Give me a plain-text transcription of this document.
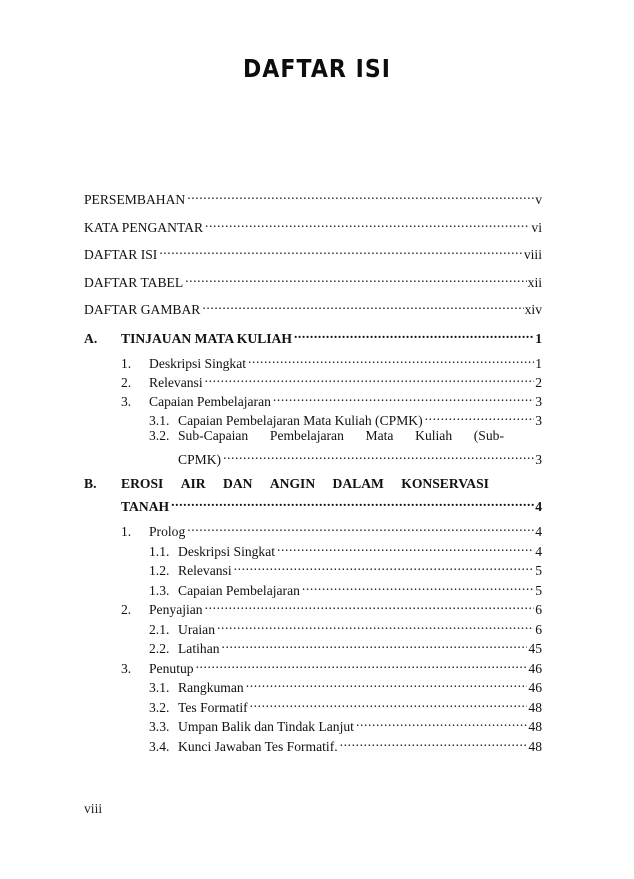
DAFTAR ISI
PERSEMBAHAN .....	v
KATA PENGANTAR .....	vi
DAFTAR ISI .....	viii
DAFTAR TABEL .....	xii
DAFTAR GAMBAR .....	xiv
A.	TINJAUAN MATA KULIAH .....	1
1.	Deskripsi Singkat .....	1
2.	Relevansi .....	2
3.	Capaian Pembelajaran .....	3
3.1. Capaian Pembelajaran Mata Kuliah (CPMK) .....	3
3.2. Sub-Capaian Pembelajaran Mata Kuliah (Sub-
CPMK) .....	3
B.	EROSI AIR DAN ANGIN DALAM KONSERVASI
TANAH .....	4
1.	Prolog .....	4
1.1. Deskripsi Singkat .....	4
1.2. Relevansi .....	5
1.3. Capaian Pembelajaran .....	5
2.	Penyajian .....	6
2.1. Uraian .....	6
2.2. Latihan .....	45
3.	Penutup .....	46
3.1. Rangkuman .....	46
3.2. Tes Formatif .....	48
3.3. Umpan Balik dan Tindak Lanjut .....	48
3.4. Kunci Jawaban Tes Formatif. .....	48
viii
